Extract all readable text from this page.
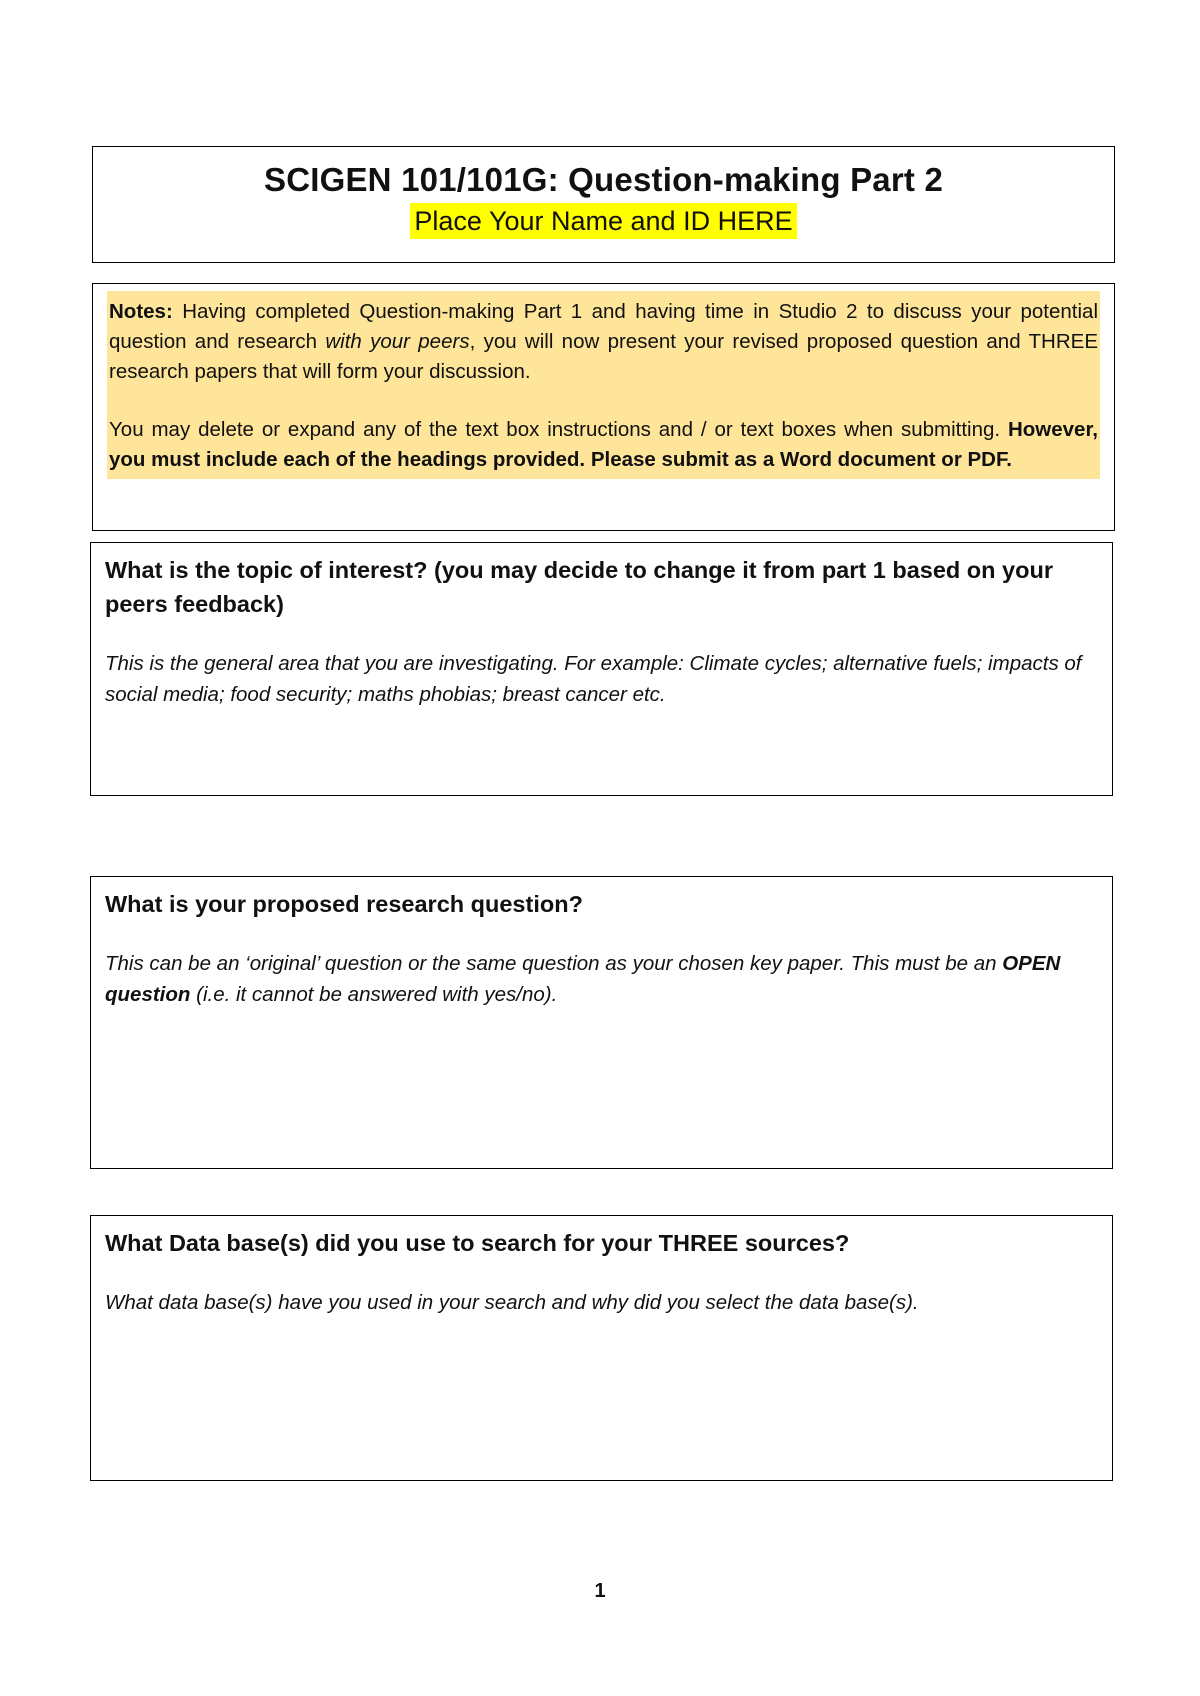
SCIGEN 101/101G: Question-making Part 2
Place Your Name and ID HERE

Notes: Having completed Question-making Part 1 and having time in Studio 2 to discuss your potential question and research with your peers, you will now present your revised proposed question and THREE research papers that will form your discussion.

You may delete or expand any of the text box instructions and / or text boxes when submitting. However, you must include each of the headings provided. Please submit as a Word document or PDF.

What is the topic of interest? (you may decide to change it from part 1 based on your peers feedback)

This is the general area that you are investigating. For example: Climate cycles; alternative fuels; impacts of social media; food security; maths phobias; breast cancer etc.

What is your proposed research question?

This can be an ‘original’ question or the same question as your chosen key paper. This must be an OPEN question (i.e. it cannot be answered with yes/no).

What Data base(s) did you use to search for your THREE sources?

What data base(s) have you used in your search and why did you select the data base(s).

1
